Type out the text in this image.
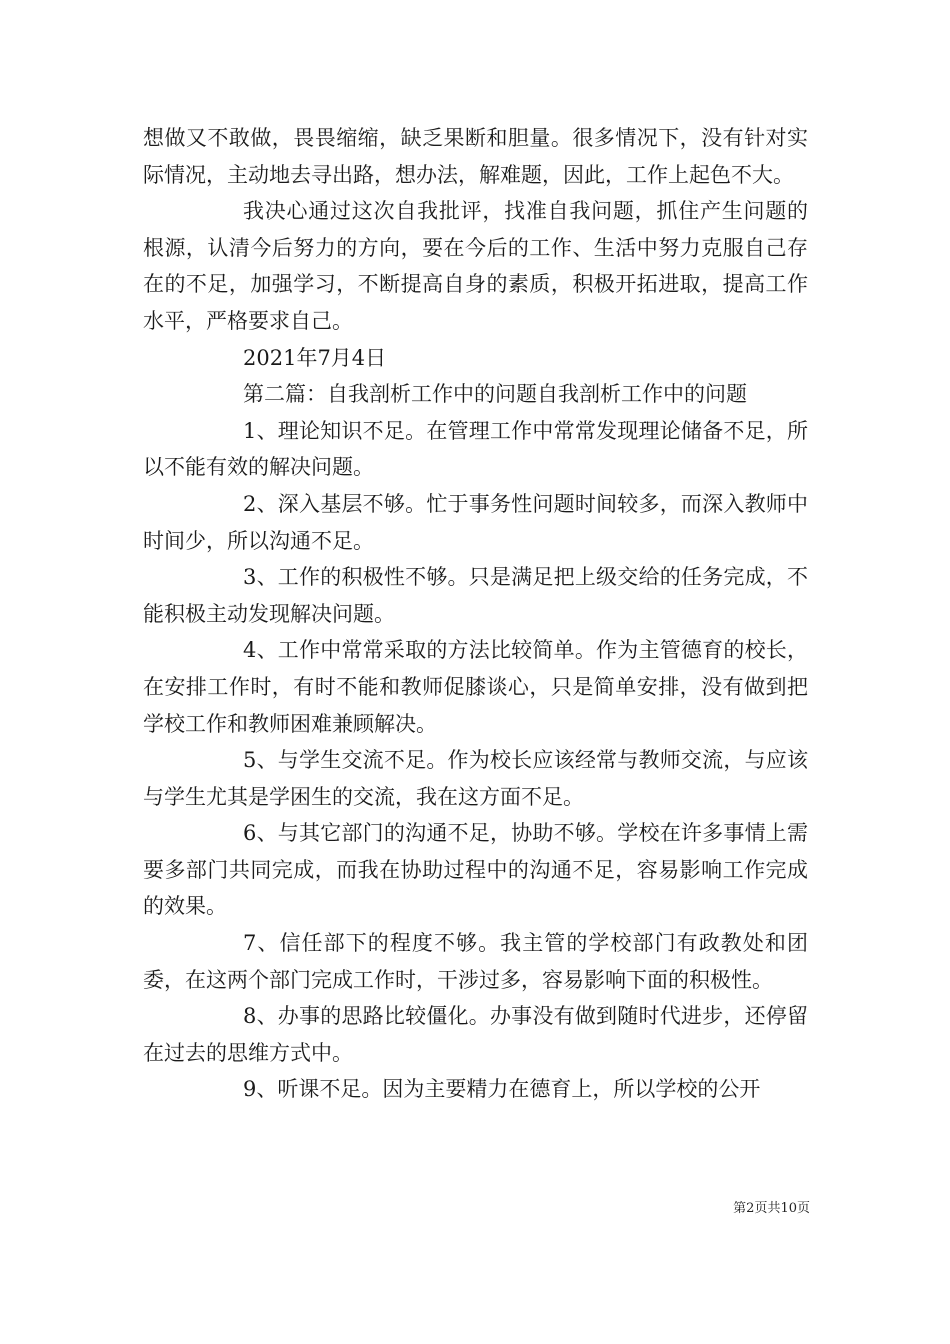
想做又不敢做，畏畏缩缩，缺乏果断和胆量。很多情况下，没有针对实际情况，主动地去寻出路，想办法，解难题，因此，工作上起色不大。

我决心通过这次自我批评，找准自我问题，抓住产生问题的根源，认清今后努力的方向，要在今后的工作、生活中努力克服自己存在的不足，加强学习，不断提高自身的素质，积极开拓进取，提高工作水平，严格要求自己。

2021年7月4日

第二篇：自我剖析工作中的问题自我剖析工作中的问题

1、理论知识不足。在管理工作中常常发现理论储备不足，所以不能有效的解决问题。

2、深入基层不够。忙于事务性问题时间较多，而深入教师中时间少，所以沟通不足。

3、工作的积极性不够。只是满足把上级交给的任务完成，不能积极主动发现解决问题。

4、工作中常常采取的方法比较简单。作为主管德育的校长，在安排工作时，有时不能和教师促膝谈心，只是简单安排，没有做到把学校工作和教师困难兼顾解决。

5、与学生交流不足。作为校长应该经常与教师交流，与应该与学生尤其是学困生的交流，我在这方面不足。

6、与其它部门的沟通不足，协助不够。学校在许多事情上需要多部门共同完成，而我在协助过程中的沟通不足，容易影响工作完成的效果。

7、信任部下的程度不够。我主管的学校部门有政教处和团委，在这两个部门完成工作时，干涉过多，容易影响下面的积极性。

8、办事的思路比较僵化。办事没有做到随时代进步，还停留在过去的思维方式中。

9、听课不足。因为主要精力在德育上，所以学校的公开

第2页共10页
